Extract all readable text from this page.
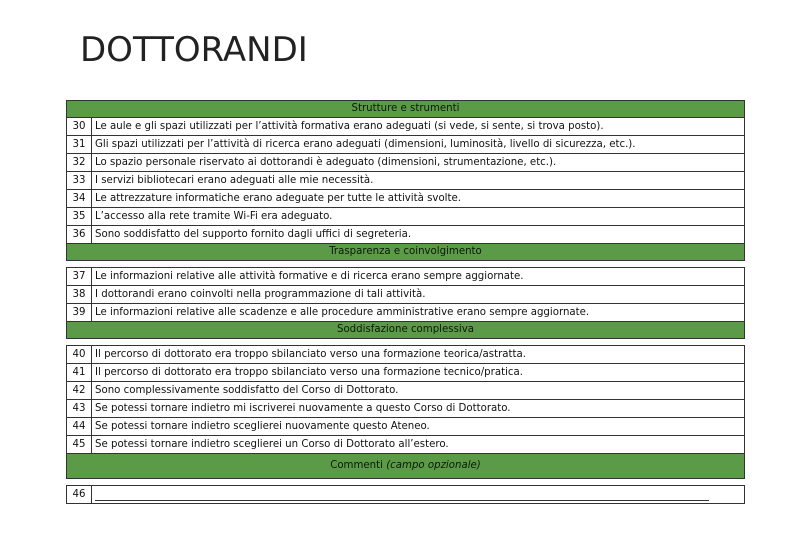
DOTTORANDI
Strutture e strumenti	
30	Le aule e gli spazi utilizzati per l’attività formativa erano adeguati (si vede, si sente, si trova posto).
31	Gli spazi utilizzati per l’attività di ricerca erano adeguati (dimensioni, luminosità, livello di sicurezza, etc.).
32	Lo spazio personale riservato ai dottorandi è adeguato (dimensioni, strumentazione, etc.).
33	I servizi bibliotecari erano adeguati alle mie necessità.
34	Le attrezzature informatiche erano adeguate per tutte le attività svolte.
35	L’accesso alla rete tramite Wi-Fi era adeguato.
36	Sono soddisfatto del supporto fornito dagli uffici di segreteria.
Trasparenza e coinvolgimento	

37	Le informazioni relative alle attività formative e di ricerca erano sempre aggiornate.
38	I dottorandi erano coinvolti nella programmazione di tali attività.
39	Le informazioni relative alle scadenze e alle procedure amministrative erano sempre aggiornate.
Soddisfazione complessiva	

40	Il percorso di dottorato era troppo sbilanciato verso una formazione teorica/astratta.
41	Il percorso di dottorato era troppo sbilanciato verso una formazione tecnico/pratica.
42	Sono complessivamente soddisfatto del Corso di Dottorato.
43	Se potessi tornare indietro mi iscriverei nuovamente a questo Corso di Dottorato.
44	Se potessi tornare indietro sceglierei nuovamente questo Ateneo.
45	Se potessi tornare indietro sceglierei un Corso di Dottorato all’estero.
Commenti (campo opzionale)	

46	
